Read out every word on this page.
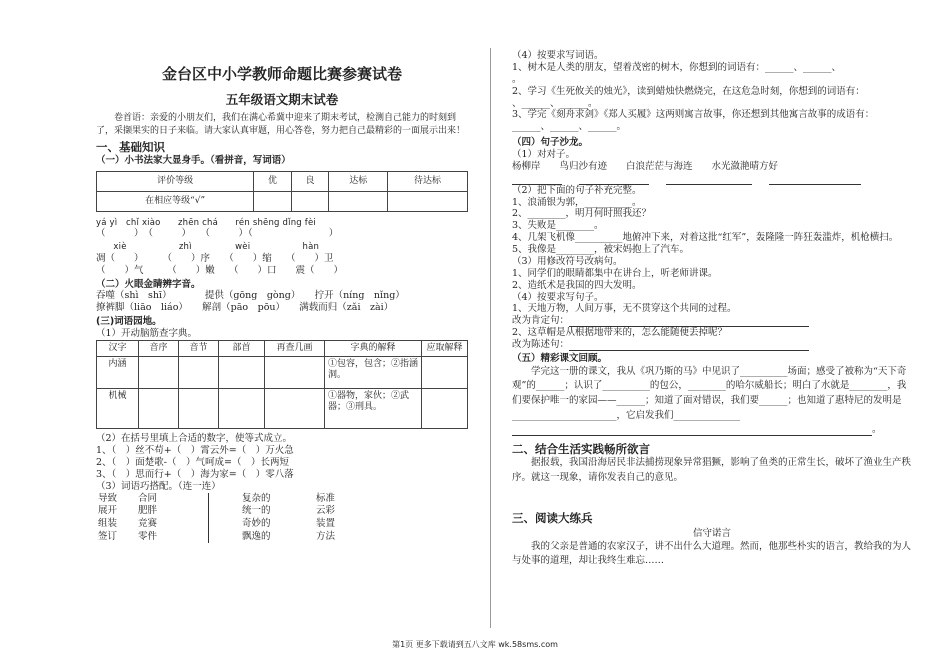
金台区中小学教师命题比赛参赛试卷
五年级语文期末试卷
卷首语：亲爱的小朋友们，我们在满心希冀中迎来了期末考试，检测自己能力的时刻到了，采撷果实的日子来临。请大家认真审题，用心答卷，努力把自己最精彩的一面展示出来！
一、基础知识
（一）小书法家大显身手。（看拼音，写词语）
评价等级	优	良	达标	待达标
在相应等级“√”				
yá yì　chǐ xiào　　zhēn chá　　rén shēng dǐng fèi
（　　　）　（　　　）　　（　　　）（　　　　　　　　）
　　xiè　　　　　　zhì　　　　　wèi　　　　　　hàn
凋（　　）　　　（　　）序　　（　　）缩　　（　　）卫
（　　）气　　　（　　）嫩　　（　　）口　　震（　　）
（二）火眼金睛辨字音。
吞噬（shì　shī）　　　　提供（gōng　gòng）　　拧开（níng　nǐng）
撩裤脚（liāo　liáo）　　解剖（pāo　pōu）　　满载而归（zǎi　zài）
(三)词语园地。
（1）开动脑筋查字典。
汉字	音序	音节	部首	再查几画	字典的解释	应取解释
内涵					①包容，包含；②指涵洞。	
机械					①器物，家伙；②武器；③刑具。	
（2）在括号里填上合适的数字，使等式成立。
1、（　）丝不苟+（　）霄云外=（　）万火急
2、（　）面楚歌-（　）气呵成=（　）长两短
3、（　）思而行+（　）海为家=（　）零八落
（3）词语巧搭配。（连一连）
导致	合同	复杂的	标准
展开	肥胖	统一的	云彩
组装	竞赛	奇妙的	装置
签订	零件	飘逸的	方法
（4）按要求写词语。
1、树木是人类的朋友，望着茂密的树木，你想到的词语有：______、______、
。
2、学习《生死攸关的烛光》，读到蜡烛快燃烧完，在这危急时刻，你想到的词语有：
、______、______。
3、学完《刻舟求剑》《郑人买履》这两则寓言故事，你还想到其他寓言故事的成语有：
______、______、______。
（四）句子沙龙。
（1）对对子。
杨柳岸　　鸟归沙有迹　　白浪茫茫与海连　　水光潋滟晴方好

（2）把下面的句子补充完整。
1、浪涌银为郭，__________。
2、________，明月何时照我还？
3、失败是________。
4、几架飞机像__________地俯冲下来，对着这批“红军”，轰隆隆一阵狂轰滥炸，机枪横扫。
5、我像是________，被宋妈抱上了汽车。
（3）用修改符号改病句。
1、同学们的眼睛都集中在讲台上，听老师讲课。
2、造纸术是我国的四大发明。
（4）按要求写句子。
1、天地万物，人间万事，无不贯穿这个共同的过程。
改为肯定句：
2、这草帽是从根据地带来的，怎么能随便丢掉呢？
改为陈述句：
（五）精彩课文回顾。
学完这一册的课文，我从《巩乃斯的马》中见识了__________场面；感受了被称为“天下奇观”的______；认识了__________的包公，________的哈尔威船长；明白了水就是________，我们要保护唯一的家园——______；知道了面对错误，我们要______；也知道了惠特尼的发明是______________________，它启发我们______________
。
二、结合生活实践畅所欲言
据报载，我国沿海居民非法捕捞现象异常猖獗，影响了鱼类的正常生长，破坏了渔业生产秩序。就这一现象，请你发表自己的意见。
三、阅读大练兵
信守诺言
我的父亲是普通的农家汉子，讲不出什么大道理。然而，他那些朴实的语言，教给我的为人与处事的道理，却让我终生难忘……
第1页 更多下载请到五八文库 wk.58sms.com
